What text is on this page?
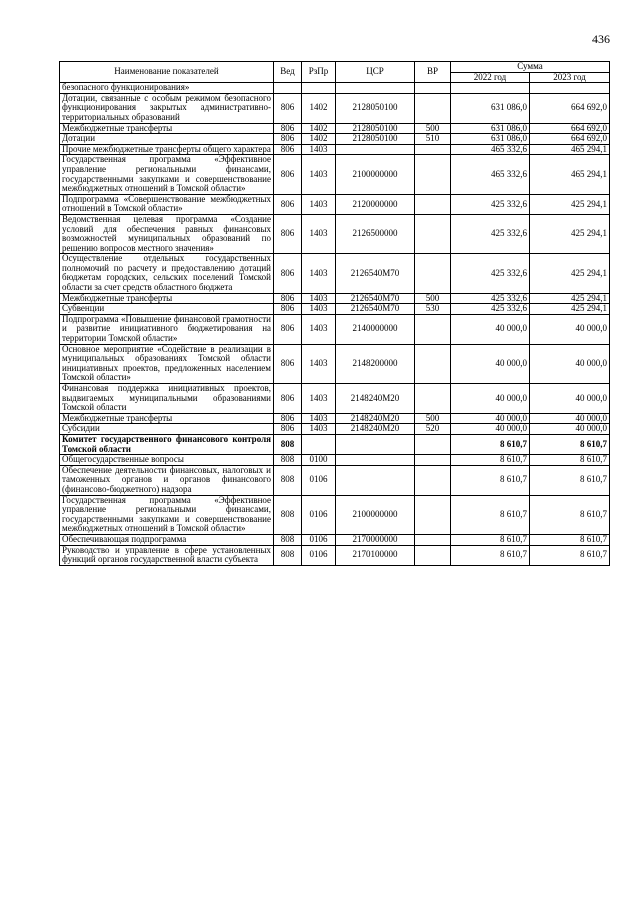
436
Наименование показателей	Вед	РзПр	ЦСР	ВР	Сумма	
					2022 год	2023 год
безопасного функционирования»						
Дотации, связанные с особым режимом безопасного функционирования закрытых административно-территориальных образований	806	1402	2128050100		631 086,0	664 692,0
Межбюджетные трансферты	806	1402	2128050100	500	631 086,0	664 692,0
Дотации	806	1402	2128050100	510	631 086,0	664 692,0
Прочие межбюджетные трансферты общего характера	806	1403			465 332,6	465 294,1
Государственная программа «Эффективное управление региональными финансами, государственными закупками и совершенствование межбюджетных отношений в Томской области»	806	1403	2100000000		465 332,6	465 294,1
Подпрограмма «Совершенствование межбюджетных отношений в Томской области»	806	1403	2120000000		425 332,6	425 294,1
Ведомственная целевая программа «Создание условий для обеспечения равных финансовых возможностей муниципальных образований по решению вопросов местного значения»	806	1403	2126500000		425 332,6	425 294,1
Осуществление отдельных государственных полномочий по расчету и предоставлению дотаций бюджетам городских, сельских поселений Томской области за счет средств областного бюджета	806	1403	2126540M70		425 332,6	425 294,1
Межбюджетные трансферты	806	1403	2126540M70	500	425 332,6	425 294,1
Субвенции	806	1403	2126540M70	530	425 332,6	425 294,1
Подпрограмма «Повышение финансовой грамотности и развитие инициативного бюджетирования на территории Томской области»	806	1403	2140000000		40 000,0	40 000,0
Основное мероприятие «Содействие в реализации в муниципальных образованиях Томской области инициативных проектов, предложенных населением Томской области»	806	1403	2148200000		40 000,0	40 000,0
Финансовая поддержка инициативных проектов, выдвигаемых муниципальными образованиями Томской области	806	1403	2148240M20		40 000,0	40 000,0
Межбюджетные трансферты	806	1403	2148240M20	500	40 000,0	40 000,0
Субсидии	806	1403	2148240M20	520	40 000,0	40 000,0
Комитет государственного финансового контроля Томской области	808				8 610,7	8 610,7
Общегосударственные вопросы	808	0100			8 610,7	8 610,7
Обеспечение деятельности финансовых, налоговых и таможенных органов и органов финансового (финансово-бюджетного) надзора	808	0106			8 610,7	8 610,7
Государственная программа «Эффективное управление региональными финансами, государственными закупками и совершенствование межбюджетных отношений в Томской области»	808	0106	2100000000		8 610,7	8 610,7
Обеспечивающая подпрограмма	808	0106	2170000000		8 610,7	8 610,7
Руководство и управление в сфере установленных функций органов государственной власти субъекта	808	0106	2170100000		8 610,7	8 610,7
